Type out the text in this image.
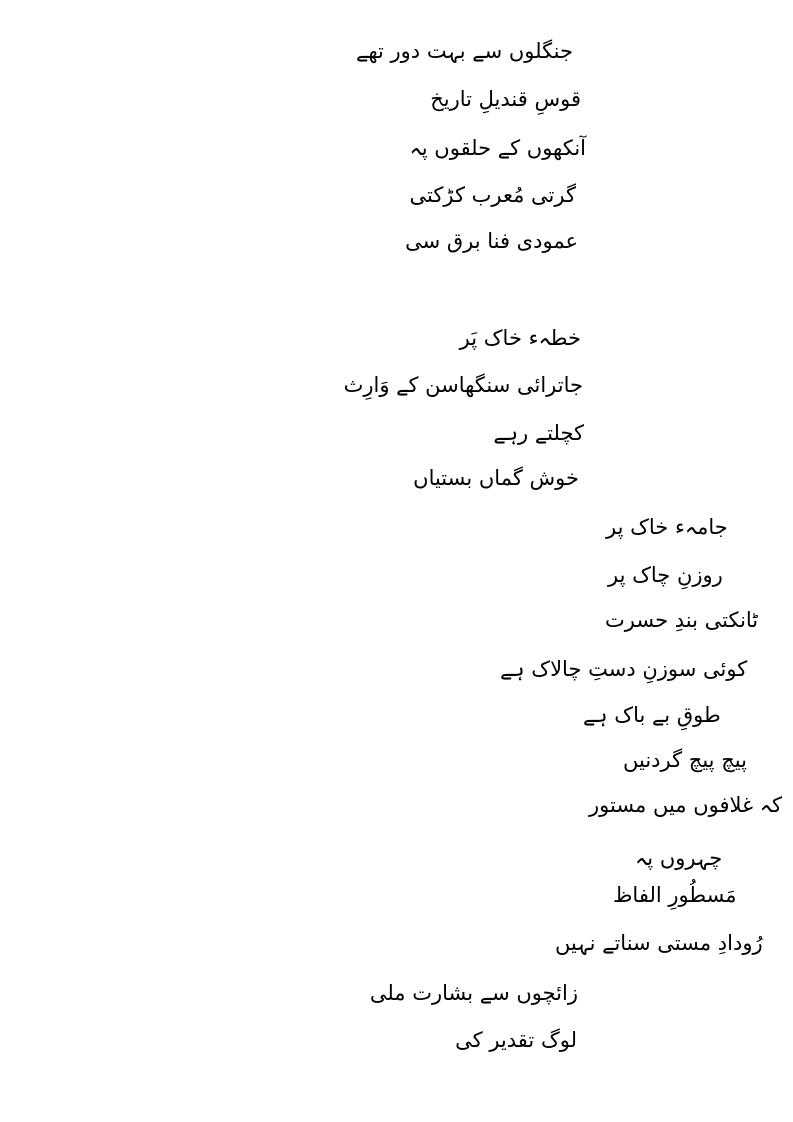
جنگلوں سے بہت دور تھے
قوسِ قندیلِ تاریخ
آنکھوں کے حلقوں پہ
گرتی مُعرب کڑکتی
عمودی فنا برق سی
خطہء خاک پَر
جاترائی سنگھاسن کے وَارِث
کچلتے رہے
خوش گماں بستیاں
جامہء خاک پر
روزنِ چاک پر
ٹانکتی بندِ حسرت
کوئی سوزنِ دستِ چالاک ہے
طوقِ بے باک ہے
پیچ پیچ گردنیں
کہ غلافوں میں مستور
چہروں پہ
مَسطُورِ الفاظ
رُودادِ مستی سناتے نہیں
زائچوں سے بشارت ملی
لوگ تقدیر کی
